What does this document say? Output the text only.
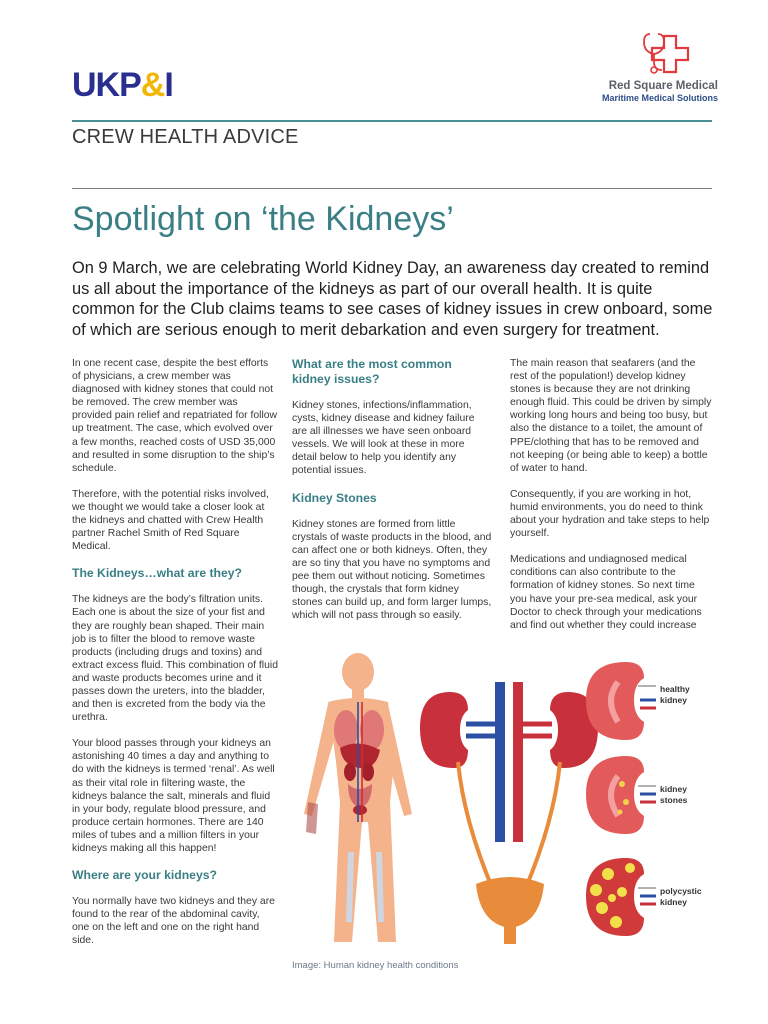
UKP&I	Red Square Medical
Maritime Medical Solutions
CREW HEALTH ADVICE
Spotlight on ‘the Kidneys’
On 9 March, we are celebrating World Kidney Day, an awareness day created to remind us all about the importance of the kidneys as part of our overall health. It is quite common for the Club claims teams to see cases of kidney issues in crew onboard, some of which are serious enough to merit debarkation and even surgery for treatment.

In one recent case, despite the best efforts of physicians, a crew member was diagnosed with kidney stones that could not be removed. The crew member was provided pain relief and repatriated for follow up treatment. The case, which evolved over a few months, reached costs of USD 35,000 and resulted in some disruption to the ship’s schedule.

Therefore, with the potential risks involved, we thought we would take a closer look at the kidneys and chatted with Crew Health partner Rachel Smith of Red Square Medical.

The Kidneys…what are they?

The kidneys are the body’s filtration units. Each one is about the size of your fist and they are roughly bean shaped. Their main job is to filter the blood to remove waste products (including drugs and toxins) and extract excess fluid. This combination of fluid and waste products becomes urine and it passes down the ureters, into the bladder, and then is excreted from the body via the urethra.

Your blood passes through your kidneys an astonishing 40 times a day and anything to do with the kidneys is termed ‘renal’. As well as their vital role in filtering waste, the kidneys balance the salt, minerals and fluid in your body, regulate blood pressure, and produce certain hormones. There are 140 miles of tubes and a million filters in your kidneys making all this happen!

Where are your kidneys?

You normally have two kidneys and they are found to the rear of the abdominal cavity, one on the left and one on the right hand side.

What are the most common kidney issues?

Kidney stones, infections/inflammation, cysts, kidney disease and kidney failure are all illnesses we have seen onboard vessels. We will look at these in more detail below to help you identify any potential issues.

Kidney Stones

Kidney stones are formed from little crystals of waste products in the blood, and can affect one or both kidneys. Often, they are so tiny that you have no symptoms and pee them out without noticing. Sometimes though, the crystals that form kidney stones can build up, and form larger lumps, which will not pass through so easily.

The main reason that seafarers (and the rest of the population!) develop kidney stones is because they are not drinking enough fluid. This could be driven by simply working long hours and being too busy, but also the distance to a toilet, the amount of PPE/clothing that has to be removed and not keeping (or being able to keep) a bottle of water to hand.

Consequently, if you are working in hot, humid environments, you do need to think about your hydration and take steps to help yourself.

Medications and undiagnosed medical conditions can also contribute to the formation of kidney stones. So next time you have your pre-sea medical, ask your Doctor to check through your medications and find out whether they could increase

healthy
kidney
kidney
stones
polycystic
kidney
Image: Human kidney health conditions
